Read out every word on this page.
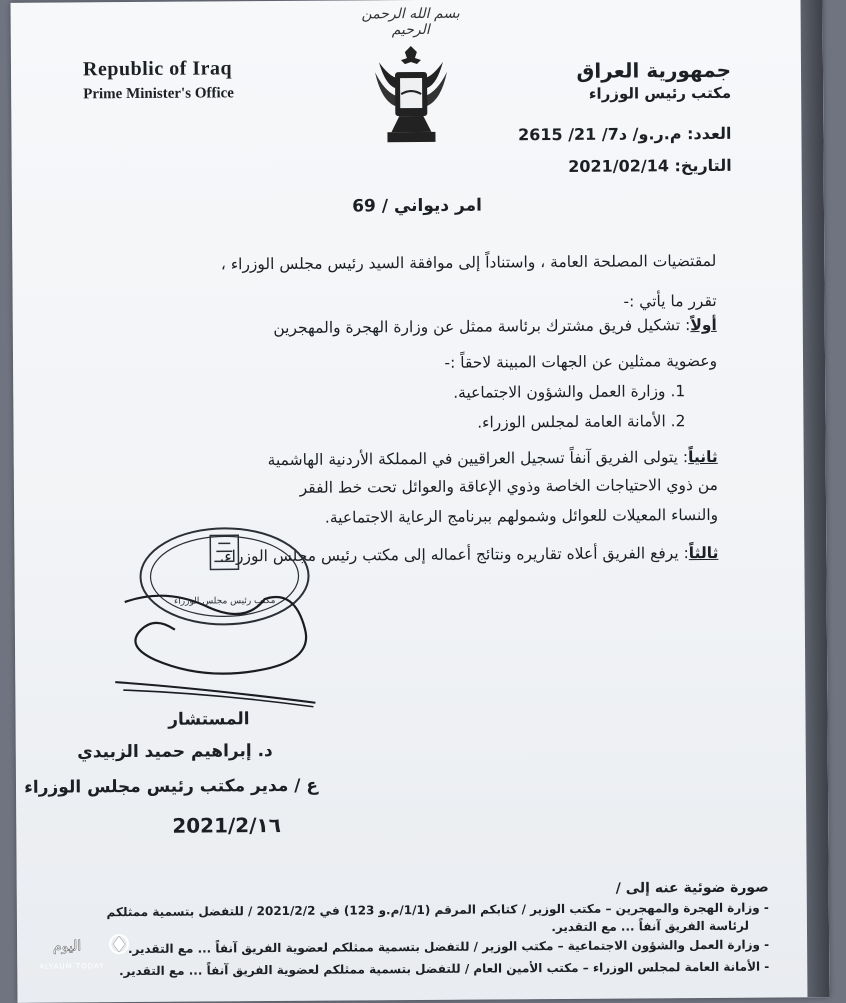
بسم الله الرحمن الرحيم
Republic of Iraq
Prime Minister's Office
جمهورية العراق
مكتب رئيس الوزراء
العدد: م.ر.و/ د7/ 21/ 2615
التاريخ: 2021/02/14
امر ديواني / 69
لمقتضيات المصلحة العامة ، واستناداً إلى موافقة السيد رئيس مجلس الوزراء ،
تقرر ما يأتي :-
أولاً: تشكيل فريق مشترك برئاسة ممثل عن وزارة الهجرة والمهجرين
وعضوية ممثلين عن الجهات المبينة لاحقاً :-
1. وزارة العمل والشؤون الاجتماعية.
2. الأمانة العامة لمجلس الوزراء.
ثانياً: يتولى الفريق آنفاً تسجيل العراقيين في المملكة الأردنية الهاشمية
من ذوي الاحتياجات الخاصة وذوي الإعاقة والعوائل تحت خط الفقر
والنساء المعيلات للعوائل وشمولهم ببرنامج الرعاية الاجتماعية.
ثالثاً: يرفع الفريق أعلاه تقاريره ونتائج أعماله إلى مكتب رئيس مجلس الوزراء.
مكتب رئيس مجلس الوزراء
المستشار
د. إبراهيم حميد الزبيدي
ع / مدير مكتب رئيس مجلس الوزراء
2021/2/١٦
صورة ضوئية عنه إلى /
- وزارة الهجرة والمهجرين – مكتب الوزير / كتابكم المرقم (1/1/م.و 123) في 2021/2/2 / للتفضل بتسمية ممثلكم
لرئاسة الفريق آنفاً ... مع التقدير.
- وزارة العمل والشؤون الاجتماعية – مكتب الوزير / للتفضل بتسمية ممثلكم لعضوية الفريق آنفاً ... مع التقدير.
- الأمانة العامة لمجلس الوزراء – مكتب الأمين العام / للتفضل بتسمية ممثلكم لعضوية الفريق آنفاً ... مع التقدير.
اليوم
ALYAUM TODAY
